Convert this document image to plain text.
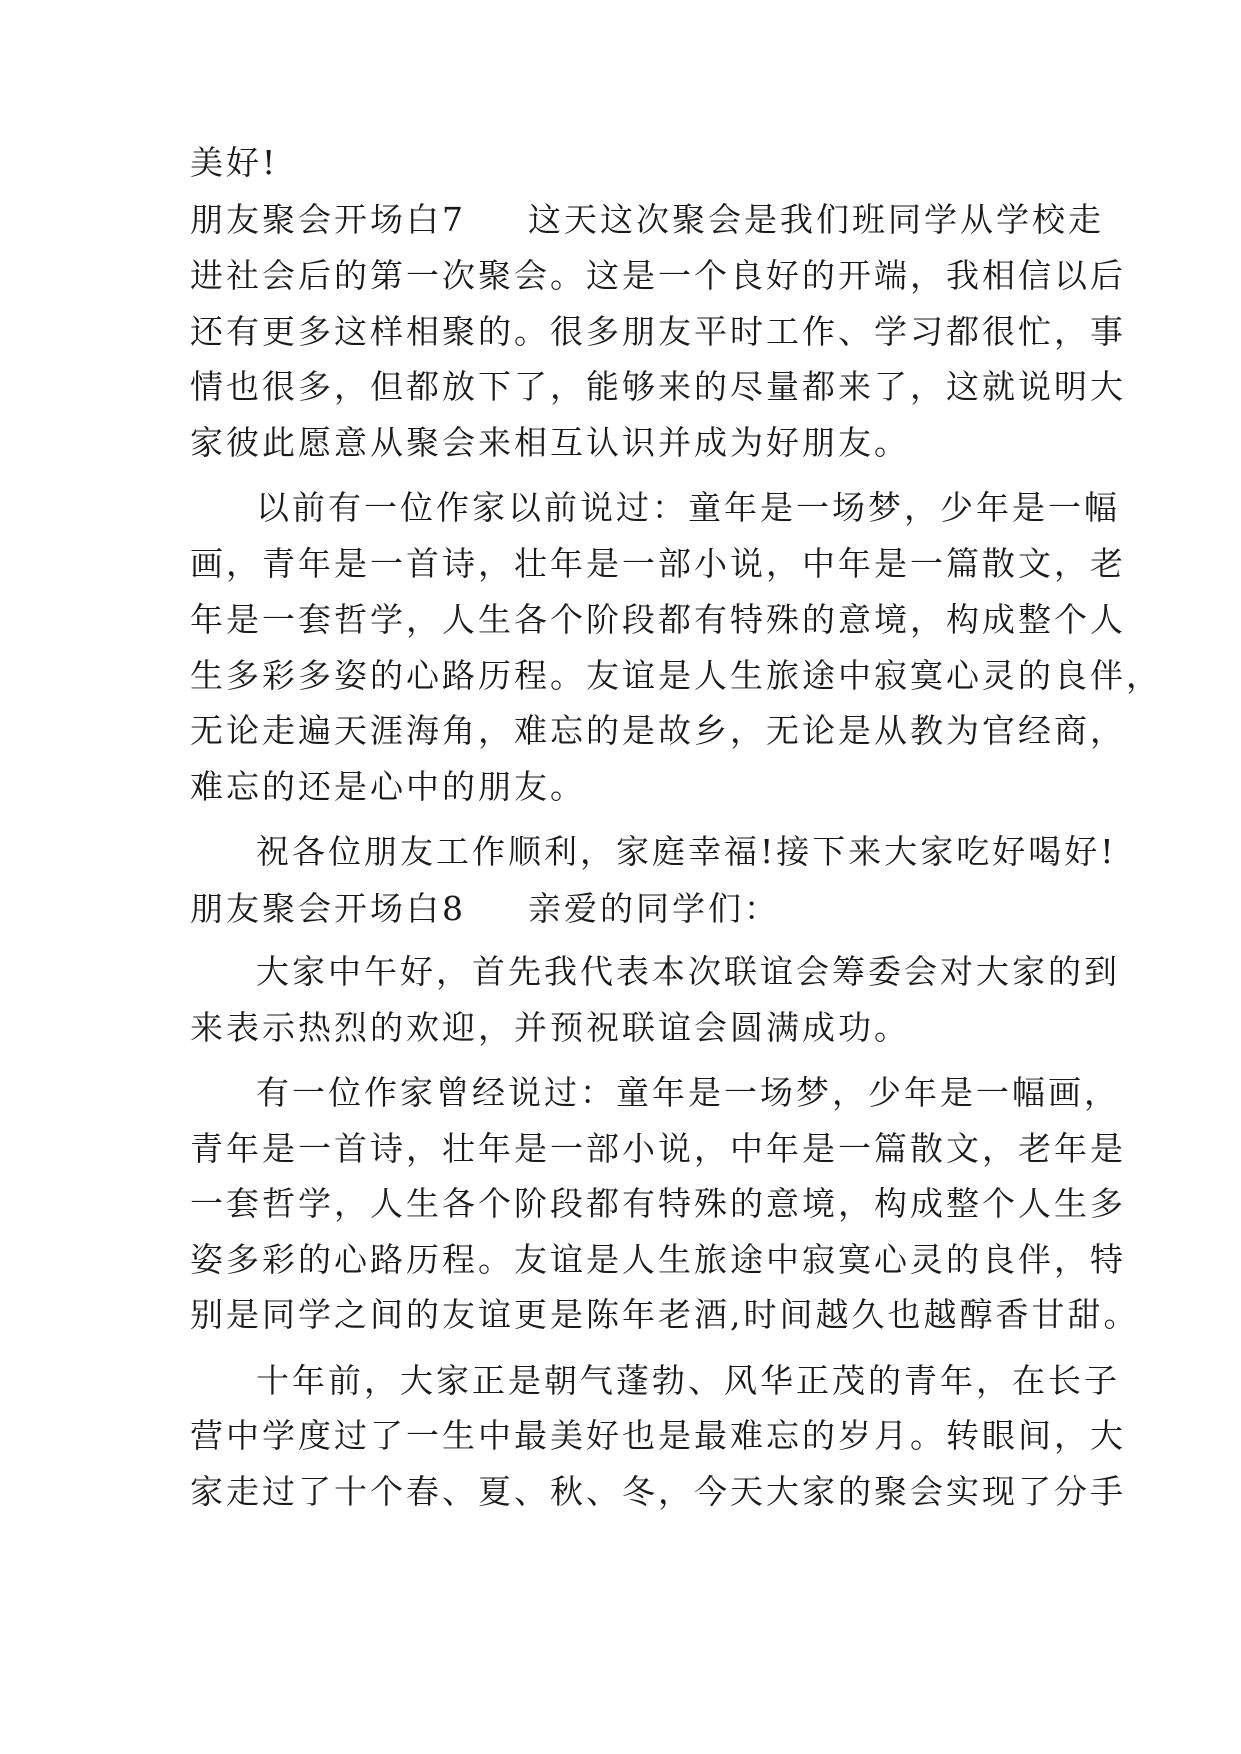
美好!
朋友聚会开场白7 这天这次聚会是我们班同学从学校走
进社会后的第一次聚会。这是一个良好的开端，我相信以后
还有更多这样相聚的。很多朋友平时工作、学习都很忙，事
情也很多，但都放下了，能够来的尽量都来了，这就说明大
家彼此愿意从聚会来相互认识并成为好朋友。
以前有一位作家以前说过：童年是一场梦，少年是一幅
画，青年是一首诗，壮年是一部小说，中年是一篇散文，老
年是一套哲学，人生各个阶段都有特殊的意境，构成整个人
生多彩多姿的心路历程。友谊是人生旅途中寂寞心灵的良伴，
无论走遍天涯海角，难忘的是故乡，无论是从教为官经商，
难忘的还是心中的朋友。
祝各位朋友工作顺利，家庭幸福!接下来大家吃好喝好!
朋友聚会开场白8 亲爱的同学们：
大家中午好，首先我代表本次联谊会筹委会对大家的到
来表示热烈的欢迎，并预祝联谊会圆满成功。
有一位作家曾经说过：童年是一场梦，少年是一幅画，
青年是一首诗，壮年是一部小说，中年是一篇散文，老年是
一套哲学，人生各个阶段都有特殊的意境，构成整个人生多
姿多彩的心路历程。友谊是人生旅途中寂寞心灵的良伴，特
别是同学之间的友谊更是陈年老酒,时间越久也越醇香甘甜。
十年前，大家正是朝气蓬勃、风华正茂的青年，在长子
营中学度过了一生中最美好也是最难忘的岁月。转眼间，大
家走过了十个春、夏、秋、冬，今天大家的聚会实现了分手
